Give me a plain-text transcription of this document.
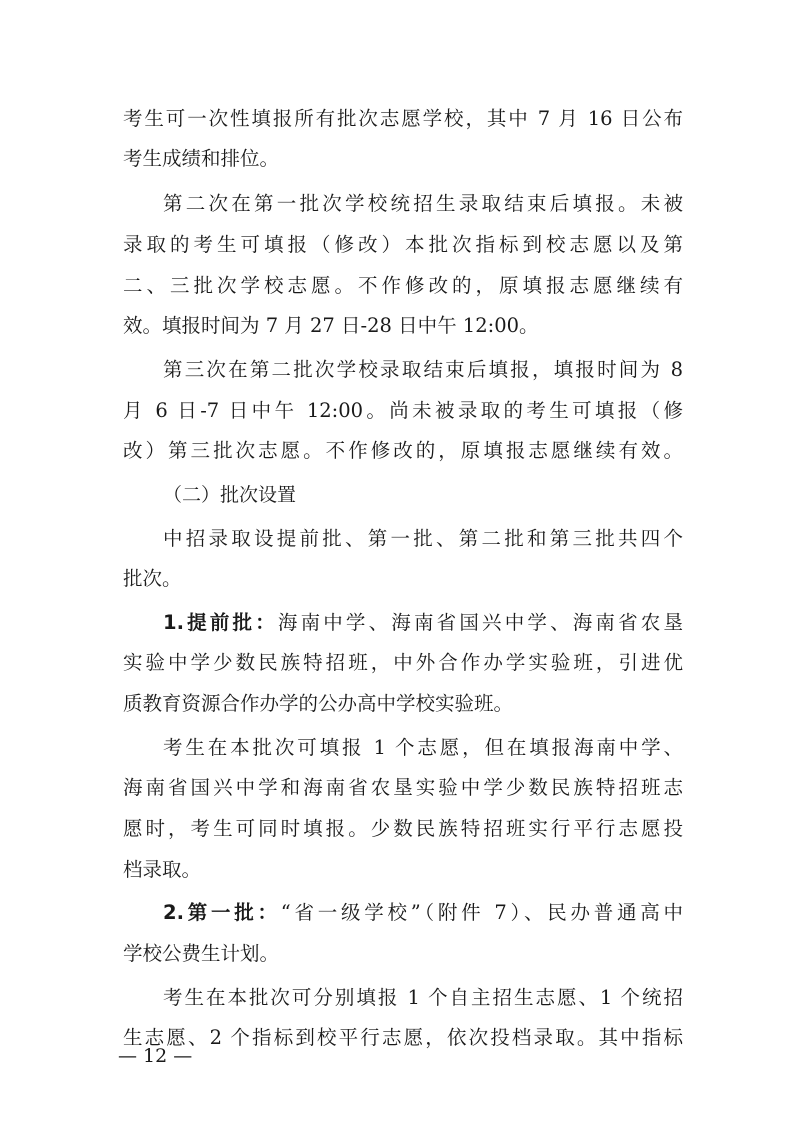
考生可一次性填报所有批次志愿学校，其中 7 月 16 日公布
考生成绩和排位。
第二次在第一批次学校统招生录取结束后填报。未被
录取的考生可填报（修改）本批次指标到校志愿以及第
二、三批次学校志愿。不作修改的，原填报志愿继续有
效。填报时间为 7 月 27 日-28 日中午 12:00。
第三次在第二批次学校录取结束后填报，填报时间为 8
月 6 日-7 日中午 12:00。尚未被录取的考生可填报（修
改）第三批次志愿。不作修改的，原填报志愿继续有效。
（二）批次设置
中招录取设提前批、第一批、第二批和第三批共四个
批次。
1.提前批：海南中学、海南省国兴中学、海南省农垦
实验中学少数民族特招班，中外合作办学实验班，引进优
质教育资源合作办学的公办高中学校实验班。
考生在本批次可填报 1 个志愿，但在填报海南中学、
海南省国兴中学和海南省农垦实验中学少数民族特招班志
愿时，考生可同时填报。少数民族特招班实行平行志愿投
档录取。
2.第一批：“省一级学校”（附件 7）、民办普通高中
学校公费生计划。
考生在本批次可分别填报 1 个自主招生志愿、1 个统招
生志愿、2 个指标到校平行志愿，依次投档录取。其中指标
— 12 —
